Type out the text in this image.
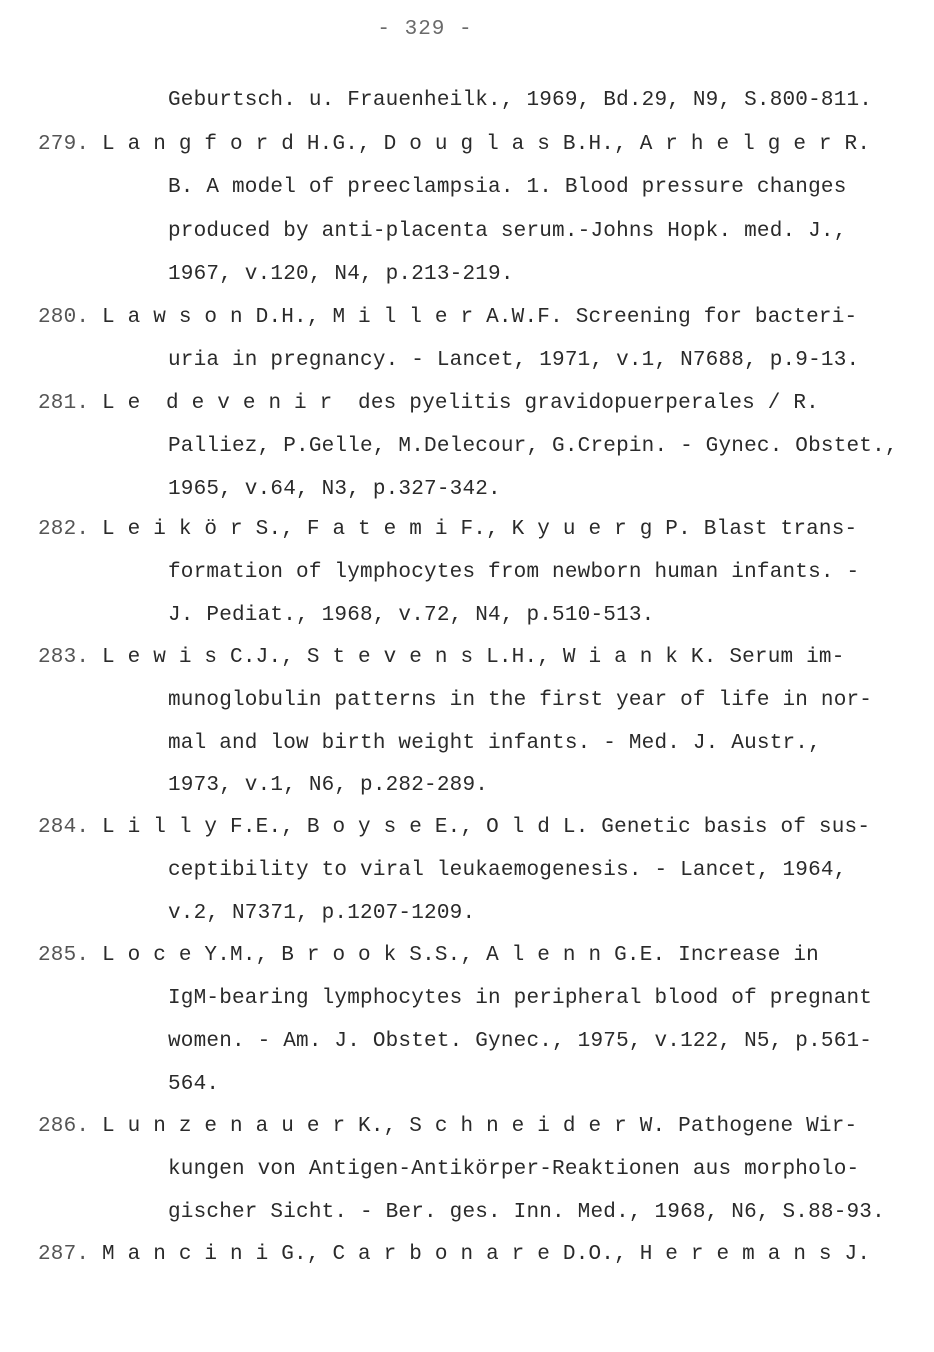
- 329 -
Geburtsch. u. Frauenheilk., 1969, Bd.29, N9, S.800-811.
279. L a n g f o r d H.G., D o u g l a s B.H., A r h e l g e r R.
B. A model of preeclampsia. 1. Blood pressure changes
produced by anti-placenta serum.-Johns Hopk. med. J.,
1967, v.120, N4, p.213-219.
280. L a w s o n D.H., M i l l e r A.W.F. Screening for bacteri-
uria in pregnancy. - Lancet, 1971, v.1, N7688, p.9-13.
281. L e  d e v e n i r  des pyelitis gravidopuerperales / R.
Palliez, P.Gelle, M.Delecour, G.Crepin. - Gynec. Obstet.,
1965, v.64, N3, p.327-342.
282. L e i k ö r S., F a t e m i F., K y u e r g P. Blast trans-
formation of lymphocytes from newborn human infants. -
J. Pediat., 1968, v.72, N4, p.510-513.
283. L e w i s C.J., S t e v e n s L.H., W i a n k K. Serum im-
munoglobulin patterns in the first year of life in nor-
mal and low birth weight infants. - Med. J. Austr.,
1973, v.1, N6, p.282-289.
284. L i l l y F.E., B o y s e E., O l d L. Genetic basis of sus-
ceptibility to viral leukaemogenesis. - Lancet, 1964,
v.2, N7371, p.1207-1209.
285. L o c e Y.M., B r o o k S.S., A l e n n G.E. Increase in
IgM-bearing lymphocytes in peripheral blood of pregnant
women. - Am. J. Obstet. Gynec., 1975, v.122, N5, p.561-
564.
286. L u n z e n a u e r K., S c h n e i d e r W. Pathogene Wir-
kungen von Antigen-Antikörper-Reaktionen aus morpholo-
gischer Sicht. - Ber. ges. Inn. Med., 1968, N6, S.88-93.
287. M a n c i n i G., C a r b o n a r e D.O., H e r e m a n s J.
